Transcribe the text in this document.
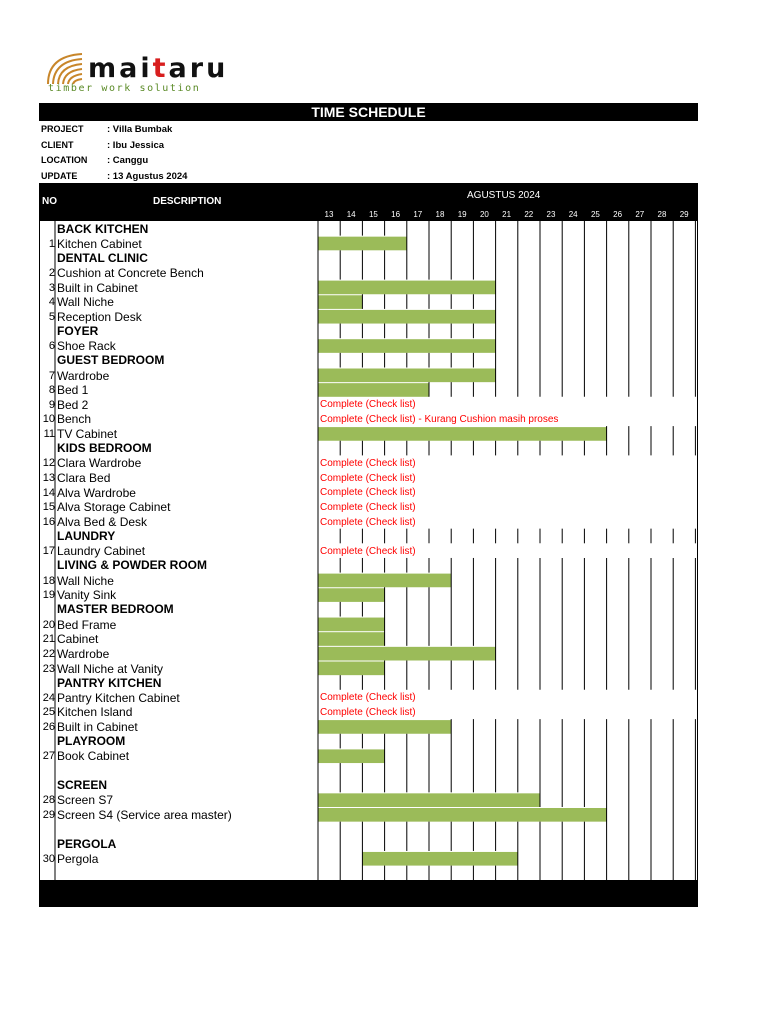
maitaru
timber work solution
TIME SCHEDULE
PROJECT : Villa Bumbak
CLIENT	: Ibu Jessica
LOCATION : Canggu
UPDATE	: 13 Agustus 2024
NO	DESCRIPTION
AGUSTUS 2024
13	14	15	16	17	18	19	20	21	22	23	24	25	26	27	28	29
BACK KITCHEN
1 Kitchen Cabinet
DENTAL CLINIC
2 Cushion at Concrete Bench
3 Built in Cabinet
4 Wall Niche
5 Reception Desk
FOYER
6 Shoe Rack
GUEST BEDROOM
7 Wardrobe
8 Bed 1
9 Bed 2	Complete (Check list)
10 Bench	Complete (Check list) - Kurang Cushion masih proses
11 TV Cabinet
KIDS BEDROOM
12 Clara Wardrobe	Complete (Check list)
13 Clara Bed	Complete (Check list)
14 Alva Wardrobe	Complete (Check list)
15 Alva Storage Cabinet	Complete (Check list)
16 Alva Bed & Desk	Complete (Check list)
LAUNDRY
17 Laundry Cabinet	Complete (Check list)
LIVING & POWDER ROOM
18 Wall Niche
19 Vanity Sink
MASTER BEDROOM
20 Bed Frame
21 Cabinet
22 Wardrobe
23 Wall Niche at Vanity
PANTRY KITCHEN
24 Pantry Kitchen Cabinet	Complete (Check list)
25 Kitchen Island	Complete (Check list)
26 Built in Cabinet
PLAYROOM
27 Book Cabinet
SCREEN
28 Screen S7
29 Screen S4 (Service area master)
PERGOLA
30 Pergola
